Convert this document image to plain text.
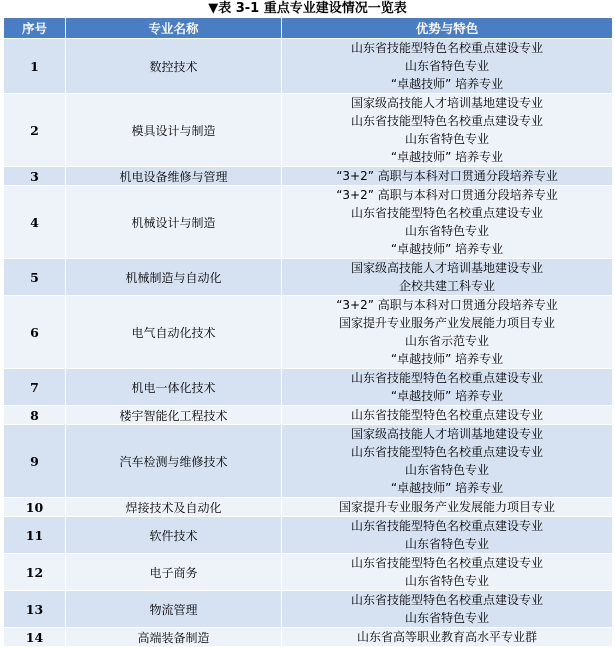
▼表 3-1 重点专业建设情况一览表
序号	专业名称	优势与特色
1	数控技术	山东省技能型特色名校重点建设专业
山东省特色专业
“卓越技师” 培养专业

2	模具设计与制造	国家级高技能人才培训基地建设专业
山东省技能型特色名校重点建设专业
山东省特色专业
“卓越技师” 培养专业

3	机电设备维修与管理	“3+2” 高职与本科对口贯通分段培养专业

4	机械设计与制造	“3+2” 高职与本科对口贯通分段培养专业
山东省技能型特色名校重点建设专业
山东省特色专业
“卓越技师” 培养专业

5	机械制造与自动化	国家级高技能人才培训基地建设专业
企校共建工科专业

6	电气自动化技术	“3+2” 高职与本科对口贯通分段培养专业
国家提升专业服务产业发展能力项目专业
山东省示范专业
“卓越技师” 培养专业

7	机电一体化技术	山东省技能型特色名校重点建设专业
“卓越技师” 培养专业

8	楼宇智能化工程技术	山东省技能型特色名校重点建设专业

9	汽车检测与维修技术	国家级高技能人才培训基地建设专业
山东省技能型特色名校重点建设专业
山东省特色专业
“卓越技师” 培养专业

10	焊接技术及自动化	国家提升专业服务产业发展能力项目专业

11	软件技术	山东省技能型特色名校重点建设专业
山东省特色专业

12	电子商务	山东省技能型特色名校重点建设专业
山东省特色专业

13	物流管理	山东省技能型特色名校重点建设专业
山东省特色专业

14	高端装备制造	山东省高等职业教育高水平专业群
